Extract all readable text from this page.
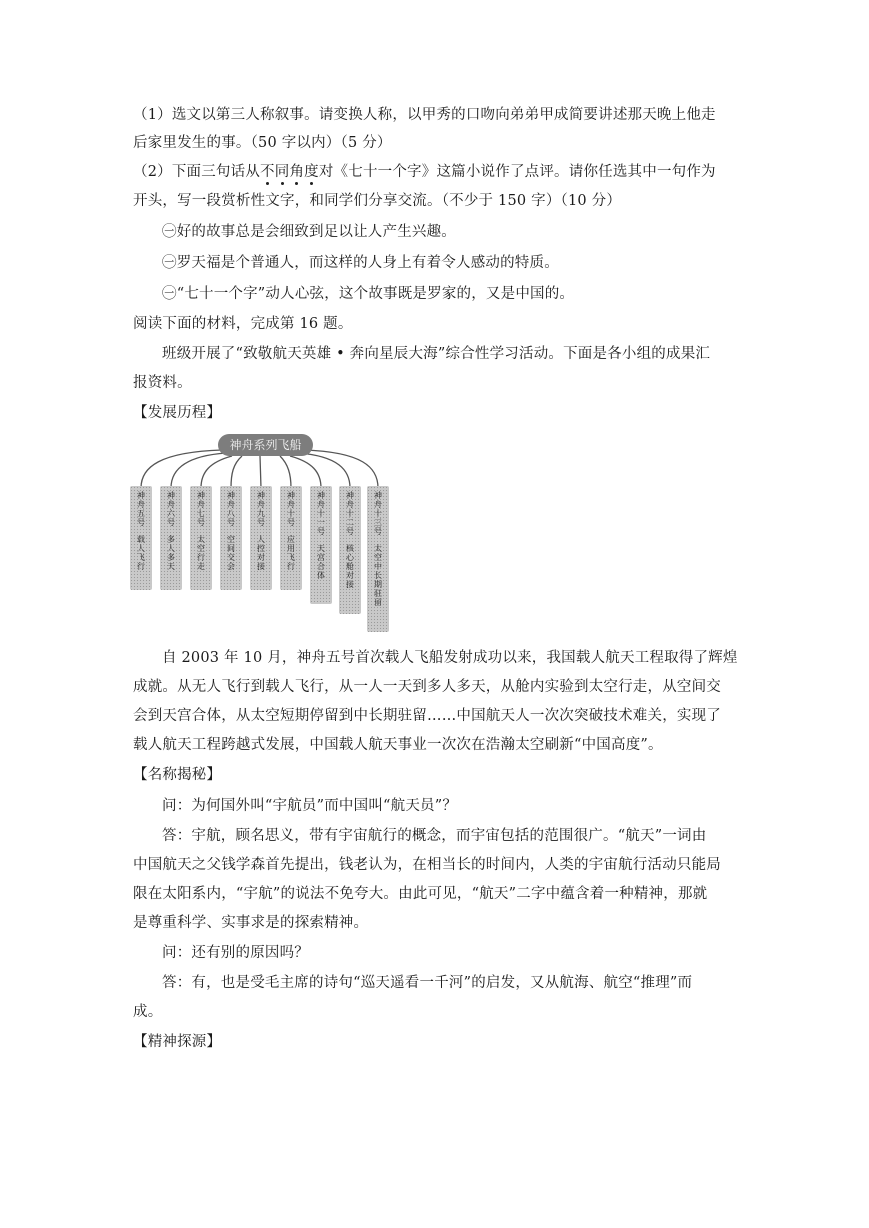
（1）选文以第三人称叙事。请变换人称，以甲秀的口吻向弟弟甲成简要讲述那天晚上他走
后家里发生的事。（50 字以内）（5 分）
（2）下面三句话从不同角度对《七十一个字》这篇小说作了点评。请你任选其中一句作为
开头，写一段赏析性文字，和同学们分享交流。（不少于 150 字）（10 分）
㊀好的故事总是会细致到足以让人产生兴趣。
㊀罗天福是个普通人，而这样的人身上有着令人感动的特质。
㊀“七十一个字”动人心弦，这个故事既是罗家的，又是中国的。
阅读下面的材料，完成第 16 题。
班级开展了“致敬航天英雄 • 奔向星辰大海”综合性学习活动。下面是各小组的成果汇
报资料。
【发展历程】
神舟系列飞船
神舟五号
载人飞行
神舟六号
多人多天
神舟七号
太空行走
神舟八号
空间交会
神舟九号
人控对接
神舟十号
应用飞行
神舟十一号
天宫合体
神舟十二号
核心舱对接
神舟十三号
太空中长期驻留
自 2003 年 10 月，神舟五号首次载人飞船发射成功以来，我国载人航天工程取得了辉煌
成就。从无人飞行到载人飞行，从一人一天到多人多天，从舱内实验到太空行走，从空间交
会到天宫合体，从太空短期停留到中长期驻留……中国航天人一次次突破技术难关，实现了
载人航天工程跨越式发展，中国载人航天事业一次次在浩瀚太空刷新“中国高度”。
【名称揭秘】
问：为何国外叫“宇航员”而中国叫“航天员”？
答：宇航，顾名思义，带有宇宙航行的概念，而宇宙包括的范围很广。“航天”一词由
中国航天之父钱学森首先提出，钱老认为，在相当长的时间内，人类的宇宙航行活动只能局
限在太阳系内，“宇航”的说法不免夸大。由此可见，“航天”二字中蕴含着一种精神，那就
是尊重科学、实事求是的探索精神。
问：还有别的原因吗？
答：有，也是受毛主席的诗句“巡天遥看一千河”的启发，又从航海、航空“推理”而
成。
【精神探源】
